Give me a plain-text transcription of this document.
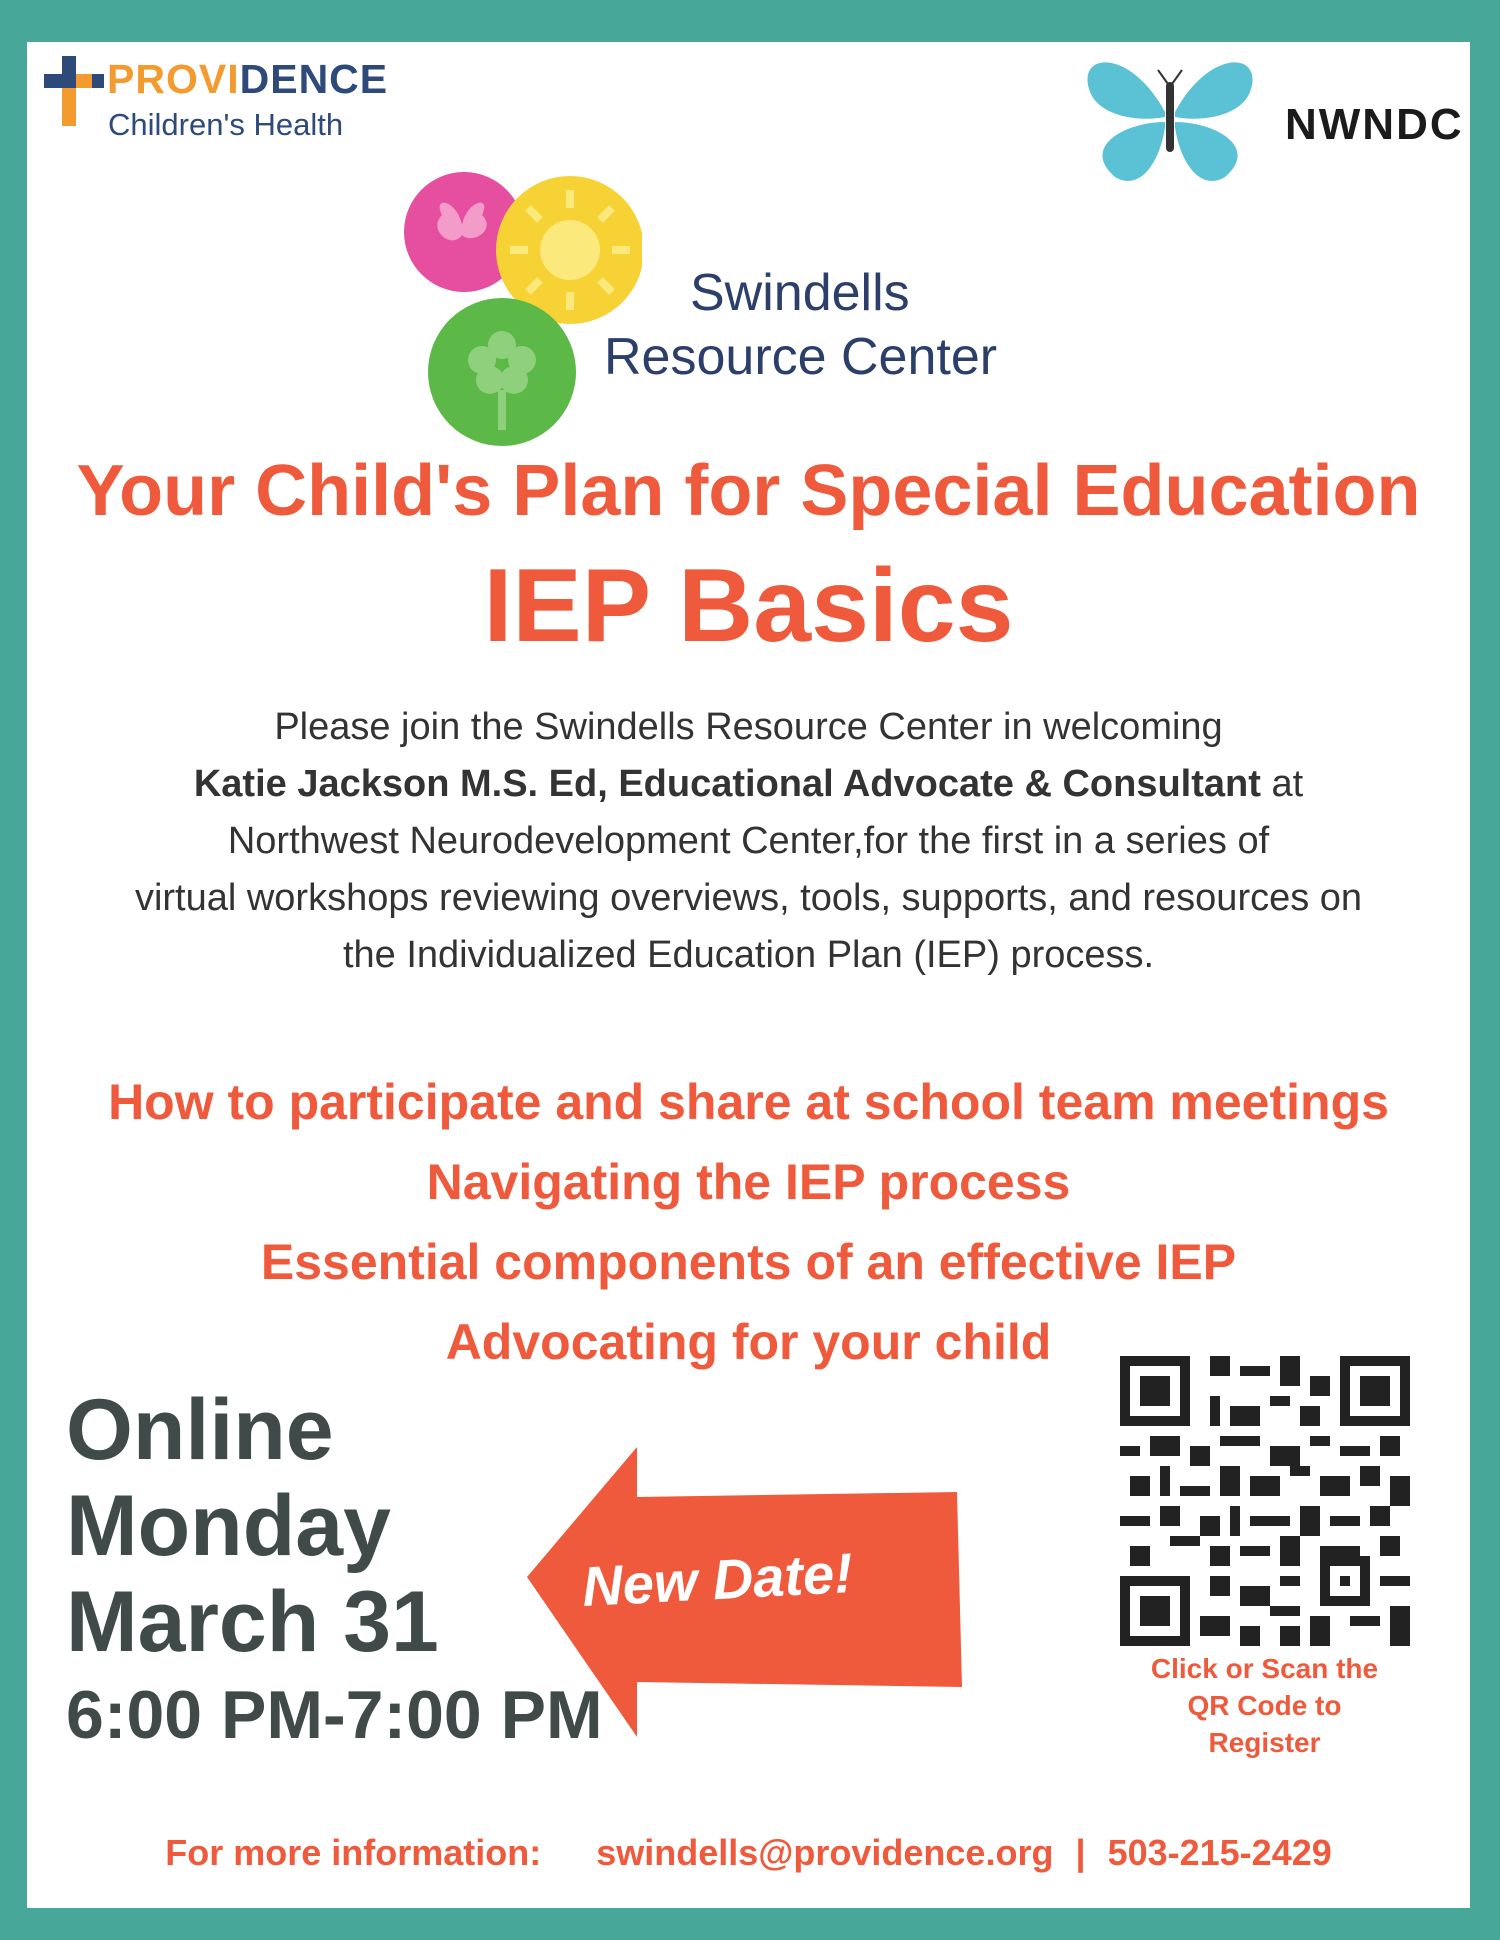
PROVIDENCE
Children's Health	NWNDC
Swindells
Resource Center
Your Child's Plan for Special Education
IEP Basics
Please join the Swindells Resource Center in welcoming
Katie Jackson M.S. Ed, Educational Advocate & Consultant at
Northwest Neurodevelopment Center,for the first in a series of
virtual workshops reviewing overviews, tools, supports, and resources on
the Individualized Education Plan (IEP) process.
How to participate and share at school team meetings
Navigating the IEP process
Essential components of an effective IEP
Advocating for your child
Online
Monday
March 31
6:00 PM-7:00 PM
New Date!
Click or Scan the
QR Code to
Register
For more information: swindells@providence.org | 503-215-2429
